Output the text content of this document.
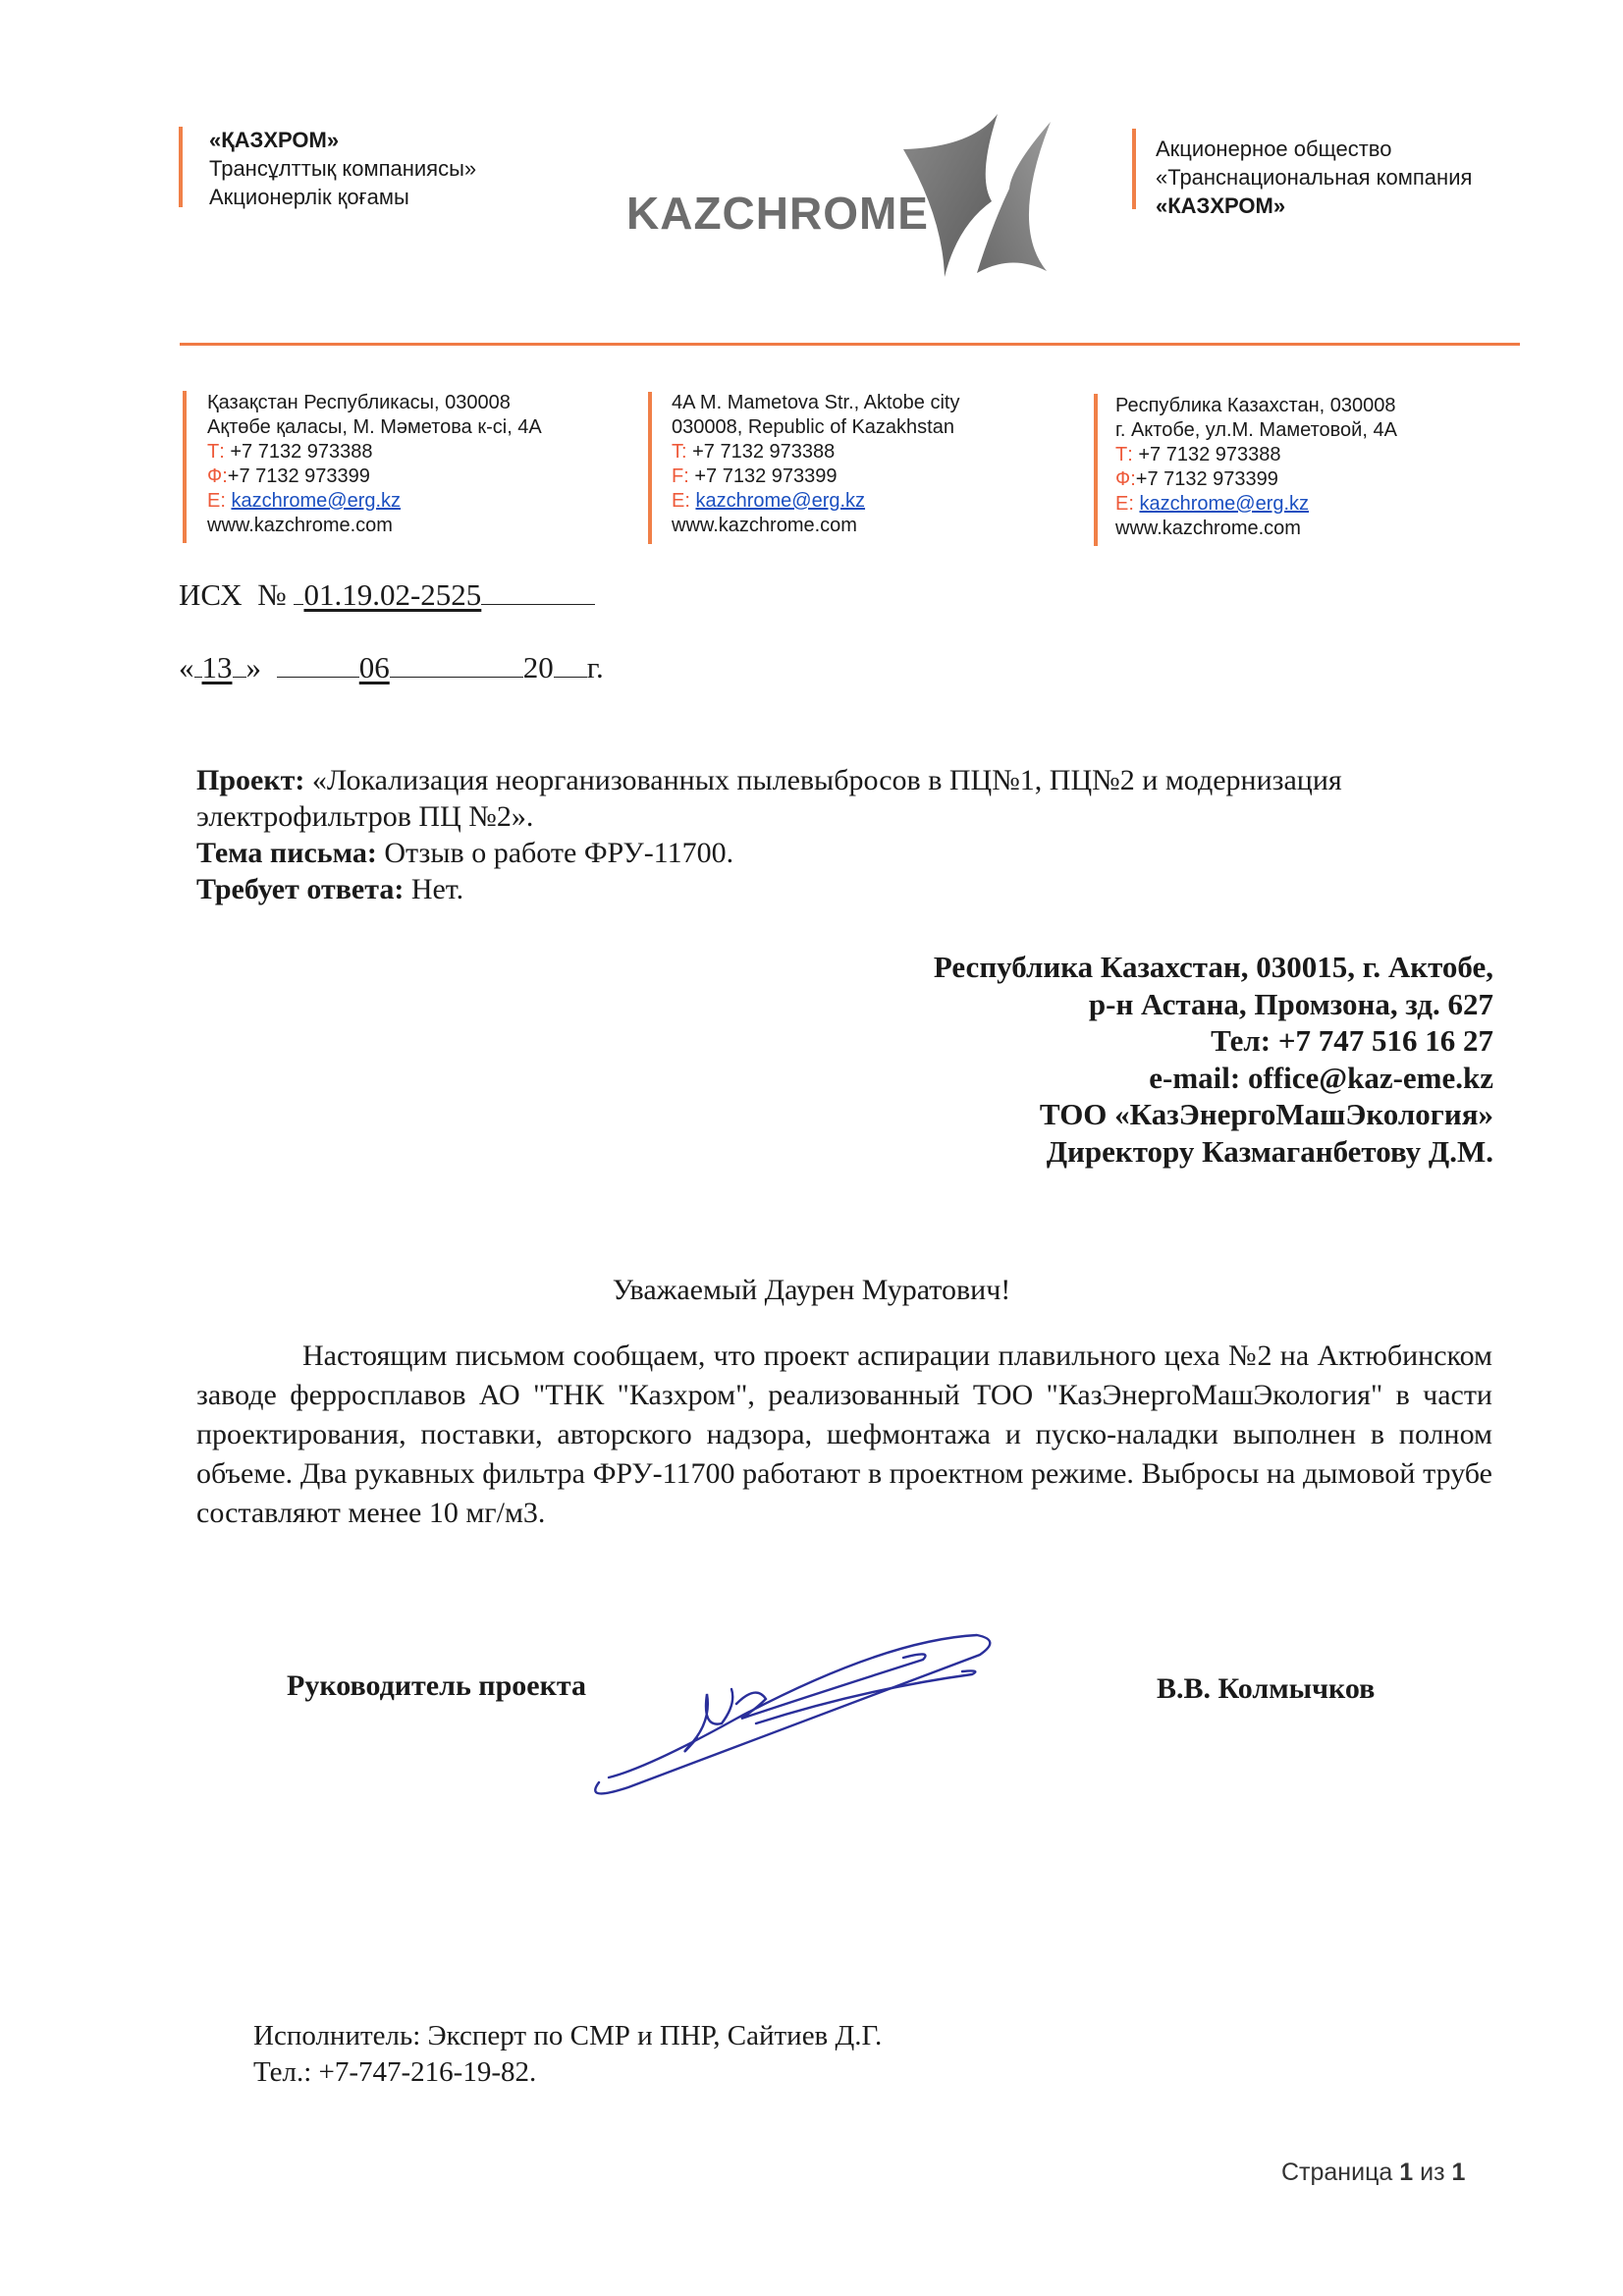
«ҚАЗХРОМ»
Трансұлттық компаниясы»
Акционерлік қоғамы	KAZCHROME
Акционерное общество
«Транснациональная компания
«КАЗХРОМ»
Қазақстан Республикасы, 030008
Ақтөбе қаласы, М. Мәметова к-сі, 4А
Т: +7 7132 973388
Ф:+7 7132 973399
Е: kazchrome@erg.kz
www.kazchrome.com
4A M. Mametova Str., Aktobe city
030008, Republic of Kazakhstan
T: +7 7132 973388
F: +7 7132 973399
E: kazchrome@erg.kz
www.kazchrome.com
Республика Казахстан, 030008
г. Актобе, ул.М. Маметовой, 4А
Т: +7 7132 973388
Ф:+7 7132 973399
Е: kazchrome@erg.kz
www.kazchrome.com
ИСХ  № 01.19.02-2525
« 13 »	06	20 г.
Проект: «Локализация неорганизованных пылевыбросов в ПЦ№1, ПЦ№2 и модернизация электрофильтров ПЦ №2».
Тема письма: Отзыв о работе ФРУ-11700.
Требует ответа: Нет.
Республика Казахстан, 030015, г. Актобе,
р-н Астана, Промзона, зд. 627
Тел: +7 747 516 16 27
e-mail: office@kaz-eme.kz
ТОО «КазЭнергоМашЭкология»
Директору Казмаганбетову Д.М.
Уважаемый Даурен Муратович!
Настоящим письмом сообщаем, что проект аспирации плавильного цеха №2 на Актюбинском заводе ферросплавов АО "ТНК "Казхром", реализованный ТОО "КазЭнергоМашЭкология" в части проектирования, поставки, авторского надзора, шефмонтажа и пуско-наладки выполнен в полном объеме. Два рукавных фильтра ФРУ-11700 работают в проектном режиме. Выбросы на дымовой трубе составляют менее 10 мг/м3.
Руководитель проекта	В.В. Колмычков
Исполнитель: Эксперт по СМР и ПНР, Сайтиев Д.Г.
Тел.: +7-747-216-19-82.
Страница 1 из 1
